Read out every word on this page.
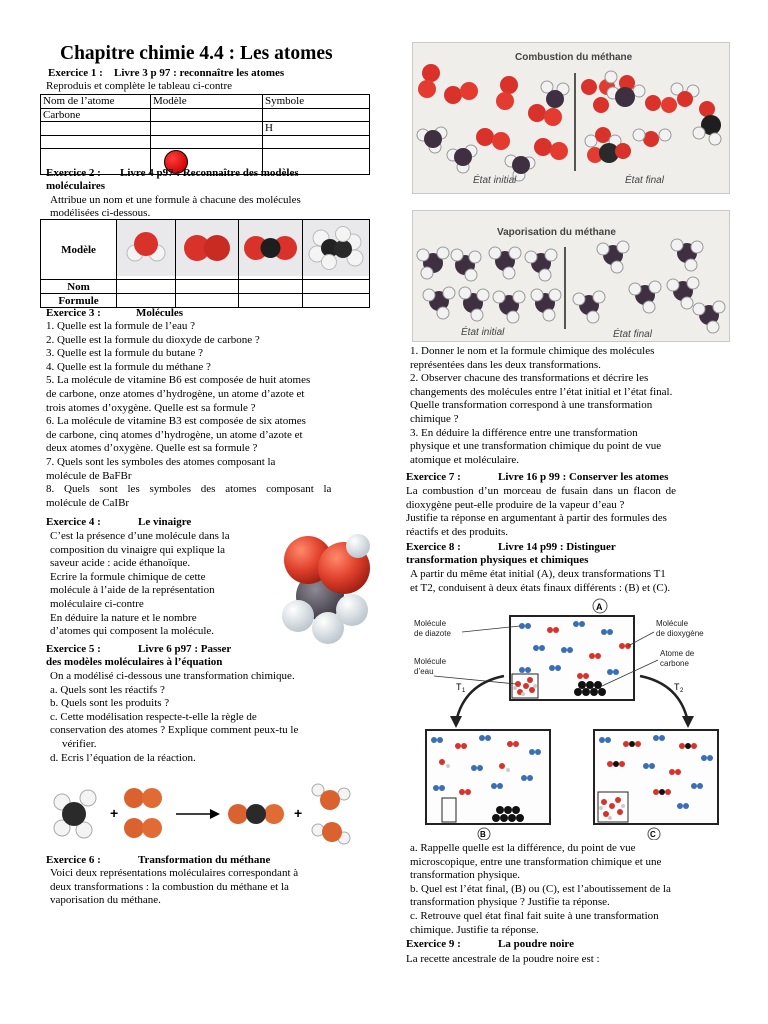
Chapitre chimie 4.4 : Les atomes
Exercice 1 : Livre 3 p 97 : reconnaître les atomes
Reproduis et complète le tableau ci-contre
Nom de l’atome	Modèle	Symbole
Carbone		
		H

Exercice 2 : Livre 4 p97 : Reconnaître des modèles
moléculaires
Attribue un nom et une formule à chacune des molécules
modélisées ci-dessous.
Modèle				
Nom				
Formule				
Exercice 3 :	Molécules
1. Quelle est la formule de l’eau ?
2. Quelle est la formule du dioxyde de carbone ?
3. Quelle est la formule du butane ?
4. Quelle est la formule du méthane ?
5. La molécule de vitamine B6 est composée de huit atomes
de carbone, onze atomes d’hydrogène, un atome d’azote et
trois atomes d’oxygène. Quelle est sa formule ?
6. La molécule de vitamine B3 est composée de six atomes
de carbone, cinq atomes d’hydrogène, un atome d’azote et
deux atomes d’oxygène. Quelle est sa formule ?
7. Quels sont les symboles des atomes composant la
molécule de BaFBr
8. Quels sont les symboles des atomes composant la
molécule de CaIBr
Exercice 4 :	Le vinaigre
C’est la présence d’une molécule dans la
composition du vinaigre qui explique la
saveur acide : acide éthanoïque.
Ecrire la formule chimique de cette
molécule à l’aide de la représentation
moléculaire ci-contre
En déduire la nature et le nombre
d’atomes qui composent la molécule.
Exercice 5 :	Livre 6 p97 : Passer
des modèles moléculaires à l’équation
On a modélisé ci-dessous une transformation chimique.
a. Quels sont les réactifs ?
b. Quels sont les produits ?
c. Cette modélisation respecte-t-elle la règle de
conservation des atomes ? Explique comment peux-tu le
vérifier.
d. Ecris l’équation de la réaction.
+	+
Exercice 6 :	Transformation du méthane
Voici deux représentations moléculaires correspondant à
deux transformations : la combustion du méthane et la
vaporisation du méthane.
Combustion du méthane
État initial	État final
Vaporisation du méthane
État initial	État final
1. Donner le nom et la formule chimique des molécules
représentées dans les deux transformations.
2. Observer chacune des transformations et décrire les
changements des molécules entre l’état initial et l’état final.
Quelle transformation correspond à une transformation
chimique ?
3. En déduire la différence entre une transformation
physique et une transformation chimique du point de vue
atomique et moléculaire.
Exercice 7 :	Livre 16 p 99 : Conserver les atomes
La combustion d’un morceau de fusain dans un flacon de
dioxygène peut-elle produire de la vapeur d’eau ?
Justifie ta réponse en argumentant à partir des formules des
réactifs et des produits.
Exercice 8 :	Livre 14 p99 : Distinguer
transformation physiques et chimiques
A partir du même état initial (A), deux transformations T1
et T2, conduisent à deux états finaux différents : (B) et (C).
A
Molécule
de diazote
Molécule
d’eau
Molécule
de dioxygène
Atome de
carbone
T 1	T 2
B	C
a. Rappelle quelle est la différence, du point de vue
microscopique, entre une transformation chimique et une
transformation physique.
b. Quel est l’état final, (B) ou (C), est l’aboutissement de la
transformation physique ? Justifie ta réponse.
c. Retrouve quel état final fait suite à une transformation
chimique. Justifie ta réponse.
Exercice 9 :	La poudre noire
La recette ancestrale de la poudre noire est :
